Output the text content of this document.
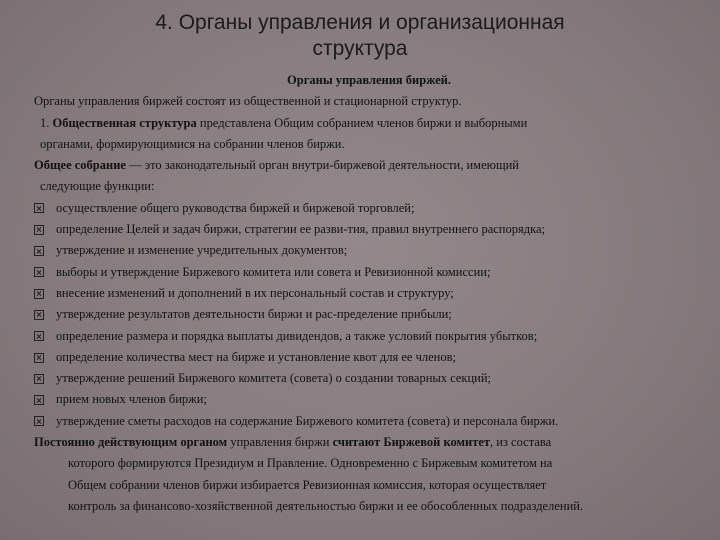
4. Органы управления и организационная
структура
Органы управления биржей.
Органы управления биржей состоят из общественной и стационарной структур.
1. Общественная структура представлена Общим собранием членов биржи и выборными
органами, формирующимися на собрании членов биржи.
Общее собрание — это законодательный орган внутри-биржевой деятельности, имеющий
следующие функции:
осуществление общего руководства биржей и биржевой торговлей;
определение Целей и задач биржи, стратегии ее разви-тия, правил внутреннего распорядка;
утверждение и изменение учредительных документов;
выборы и утверждение Биржевого комитета или совета и Ревизионной комиссии;
внесение изменений и дополнений в их персональный состав и структуру;
утверждение результатов деятельности биржи и рас-пределение прибыли;
определение размера и порядка выплаты дивидендов, а также условий покрытия убытков;
определение количества мест на бирже и установление квот для ее членов;
утверждение решений Биржевого комитета (совета) о создании товарных секций;
прием новых членов биржи;
утверждение сметы расходов на содержание Биржевого комитета (совета) и персонала биржи.
Постоянно действующим органом управления биржи считают Биржевой комитет, из состава
которого формируются Президиум и Правление. Одновременно с Биржевым комитетом на
Общем собрании членов биржи избирается Ревизионная комиссия, которая осуществляет
контроль за финансово-хозяйственной деятельностью биржи и ее обособленных подразделений.
